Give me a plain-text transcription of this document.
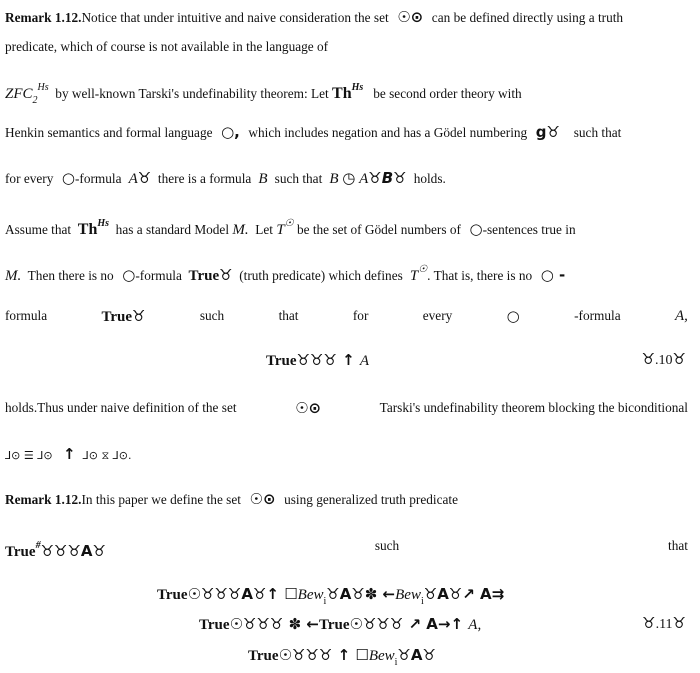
Remark 1.12.Notice that under intuitive and naive consideration the set  ☉⊙  can be defined directly using a truth
predicate, which of course is not available in the language of
$ZFC_2^{Hs}$ by well-known Tarski's undefinability theorem: Let $Th^{Hs}$ be second order theory with
Henkin semantics and formal language  ○,  which includes negation and has a Gödel numbering  g♉   such that
for every  ○-formula  A♉ there is a formula  B  such that  B ◷ A♉B♉ holds.
Assume that $Th^{Hs}$ has a standard Model M. Let T☉ be the set of Gödel numbers of  ○-sentences true in
M. Then there is no  ○-formula True♉ (truth predicate) which defines  T☉. That is, there is no  ○ -
formula	True♉	such	that	for	every	○	-formula	A,
True♉♉♉ ↑ A	♉.10♉
holds.Thus under naive definition of the set	☉⊙	Tarski's undefinability theorem blocking the biconditional
⅃⊙ ☰ ⅃⊙   ↑  ⅃⊙ ⧖ ⅃⊙.
Remark 1.12.In this paper we define the set  ☉⊙  using generalized truth predicate
True#♉♉♉A♉	such	that
True☉♉♉♉A♉↑ ☐Bew$_i$♉A♉✽ ←Bew$_i$♉A♉↗ A⇉
True☉♉♉♉ ✽ ←True☉♉♉♉ ↗ A→↑ A,	♉.11♉
True☉♉♉♉ ↑ ☐Bew$_i$♉A♉
